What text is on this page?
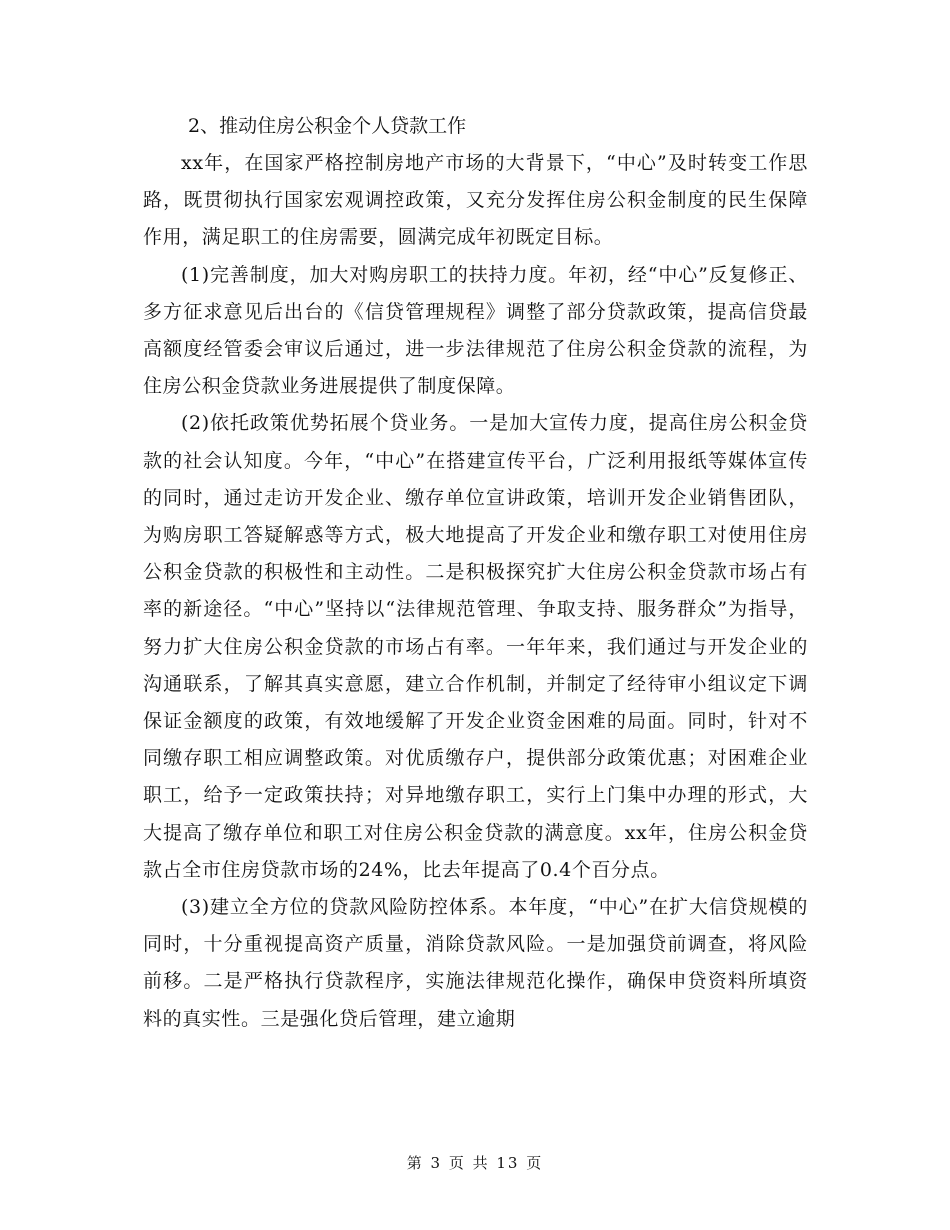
2、推动住房公积金个人贷款工作

xx年，在国家严格控制房地产市场的大背景下，“中心”及时转变工作思路，既贯彻执行国家宏观调控政策，又充分发挥住房公积金制度的民生保障作用，满足职工的住房需要，圆满完成年初既定目标。

(1)完善制度，加大对购房职工的扶持力度。年初，经“中心”反复修正、多方征求意见后出台的《信贷管理规程》调整了部分贷款政策，提高信贷最高额度经管委会审议后通过，进一步法律规范了住房公积金贷款的流程，为住房公积金贷款业务进展提供了制度保障。

(2)依托政策优势拓展个贷业务。一是加大宣传力度，提高住房公积金贷款的社会认知度。今年，“中心”在搭建宣传平台，广泛利用报纸等媒体宣传的同时，通过走访开发企业、缴存单位宣讲政策，培训开发企业销售团队，为购房职工答疑解惑等方式，极大地提高了开发企业和缴存职工对使用住房公积金贷款的积极性和主动性。二是积极探究扩大住房公积金贷款市场占有率的新途径。“中心”坚持以“法律规范管理、争取支持、服务群众”为指导，努力扩大住房公积金贷款的市场占有率。一年年来，我们通过与开发企业的沟通联系，了解其真实意愿，建立合作机制，并制定了经待审小组议定下调保证金额度的政策，有效地缓解了开发企业资金困难的局面。同时，针对不同缴存职工相应调整政策。对优质缴存户，提供部分政策优惠；对困难企业职工，给予一定政策扶持；对异地缴存职工，实行上门集中办理的形式，大大提高了缴存单位和职工对住房公积金贷款的满意度。xx年，住房公积金贷款占全市住房贷款市场的24%，比去年提高了0.4个百分点。

(3)建立全方位的贷款风险防控体系。本年度，“中心”在扩大信贷规模的同时，十分重视提高资产质量，消除贷款风险。一是加强贷前调查，将风险前移。二是严格执行贷款程序，实施法律规范化操作，确保申贷资料所填资料的真实性。三是强化贷后管理，建立逾期

第 3 页 共 13 页
